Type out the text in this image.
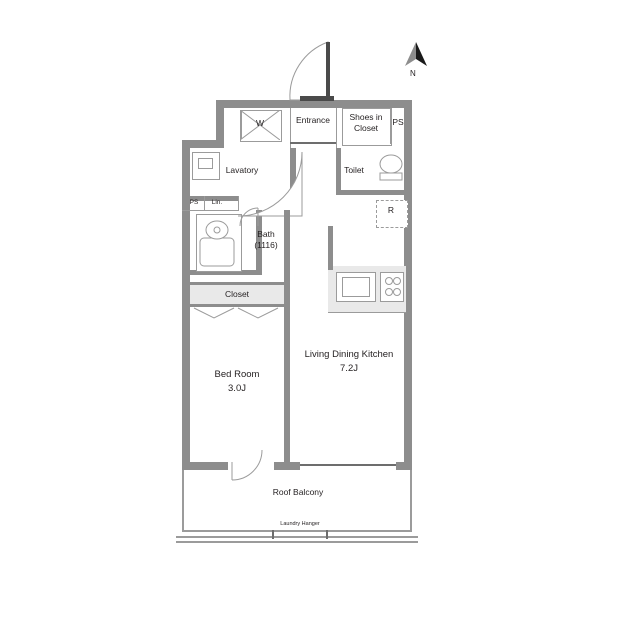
N
W	Entrance	Shoes in
Closet
PS
Lavatory
PS	Lin.
Toilet
R
Bath
(1116)
Closet
Bed Room
3.0J
Living Dining Kitchen
7.2J
Roof Balcony
Laundry Hanger
